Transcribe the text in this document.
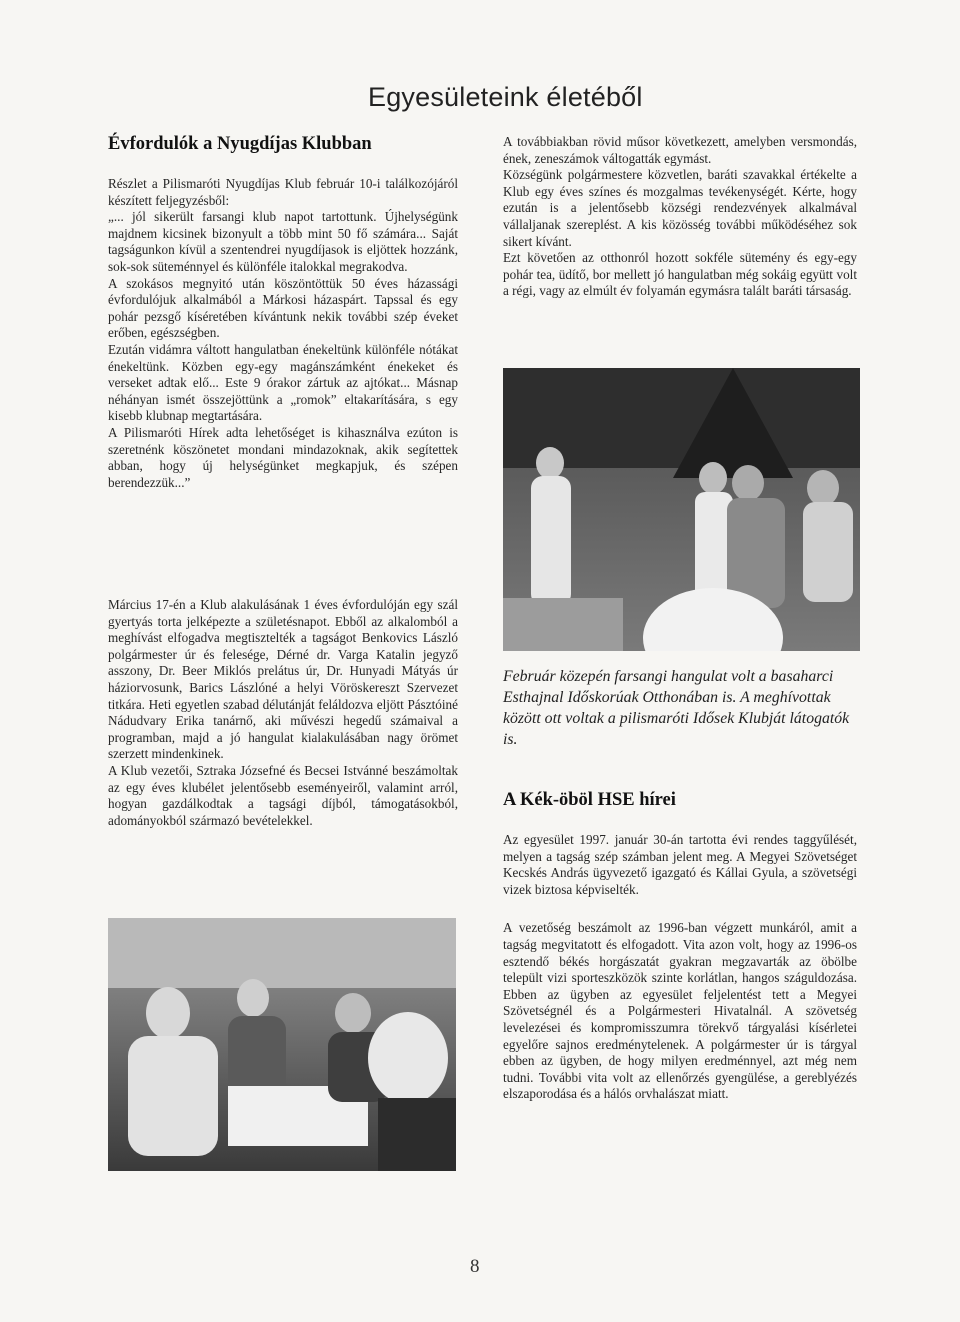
Egyesületeink életéből
Évfordulók a Nyugdíjas Klubban

Részlet a Pilismaróti Nyugdíjas Klub február 10-i találkozójáról készített feljegyzésből:

„... jól sikerült farsangi klub napot tartottunk. Újhelységünk majdnem kicsinek bizonyult a több mint 50 fő számára... Saját tagságunkon kívül a szentendrei nyugdíjasok is eljöttek hozzánk, sok-sok süteménnyel és különféle italokkal megrakodva.

A szokásos megnyitó után köszöntöttük 50 éves házassági évfordulójuk alkalmából a Márkosi házaspárt. Tapssal és egy pohár pezsgő kíséretében kívántunk nekik további szép éveket erőben, egészségben.

Ezután vidámra váltott hangulatban énekeltünk különféle nótákat énekeltünk. Közben egy-egy magánszámként énekeket és verseket adtak elő... Este 9 órakor zártuk az ajtókat... Másnap néhányan ismét összejöttünk a „romok” eltakarítására, s egy kisebb klubnap megtartására.

A Pilismaróti Hírek adta lehetőséget is kihasználva ezúton is szeretnénk köszönetet mondani mindazoknak, akik segítettek abban, hogy új helységünket megkapjuk, és szépen berendezzük...”

Március 17-én a Klub alakulásának 1 éves évfordulóján egy szál gyertyás torta jelképezte a születésnapot. Ebből az alkalomból a meghívást elfogadva megtisztelték a tagságot Benkovics László polgármester úr és felesége, Dérné dr. Varga Katalin jegyző asszony, Dr. Beer Miklós prelátus úr, Dr. Hunyadi Mátyás úr háziorvosunk, Barics Lászlóné a helyi Vöröskereszt Szervezet titkára. Heti egyetlen szabad délutánját feláldozva eljött Pásztóiné Nádudvary Erika tanárnő, aki művészi hegedű számaival a programban, majd a jó hangulat kialakulásában nagy örömet szerzett mindenkinek.

A Klub vezetői, Sztraka Józsefné és Becsei Istvánné beszámoltak az egy éves klubélet jelentősebb eseményeiről, valamint arról, hogyan gazdálkodtak a tagsági díjból, támogatásokból, adományokból származó bevételekkel.

A továbbiakban rövid műsor következett, amelyben versmondás, ének, zeneszámok váltogatták egymást.

Községünk polgármestere közvetlen, baráti szavakkal értékelte a Klub egy éves színes és mozgalmas tevékenységét. Kérte, hogy ezután is a jelentősebb községi rendezvények alkalmával vállaljanak szereplést. A kis közösség további működéséhez sok sikert kívánt.

Ezt követően az otthonról hozott sokféle sütemény és egy-egy pohár tea, üdítő, bor mellett jó hangulatban még sokáig együtt volt a régi, vagy az elmúlt év folyamán egymásra talált baráti társaság.

Február közepén farsangi hangulat volt a basaharci Esthajnal Időskorúak Otthonában is. A meghívottak között ott voltak a pilismaróti Idősek Klubját látogatók is.

A Kék-öböl HSE hírei

Az egyesület 1997. január 30-án tartotta évi rendes taggyűlését, melyen a tagság szép számban jelent meg. A Megyei Szövetséget Kecskés András ügyvezető igazgató és Kállai Gyula, a szövetségi vizek biztosa képviselték.

A vezetőség beszámolt az 1996-ban végzett munkáról, amit a tagság megvitatott és elfogadott. Vita azon volt, hogy az 1996-os esztendő békés horgászatát gyakran megzavarták az öbölbe települt vizi sporteszközök szinte korlátlan, hangos száguldozása. Ebben az ügyben az egyesület feljelentést tett a Megyei Szövetségnél és a Polgármesteri Hivatalnál. A szövetség levelezései és kompromisszumra törekvő tárgyalási kísérletei egyelőre sajnos eredménytelenek. A polgármester úr is tárgyal ebben az ügyben, de hogy milyen eredménnyel, azt még nem tudni. További vita volt az ellenőrzés gyengülése, a gereblyézés elszaporodása és a hálós orvhalászat miatt.

8
